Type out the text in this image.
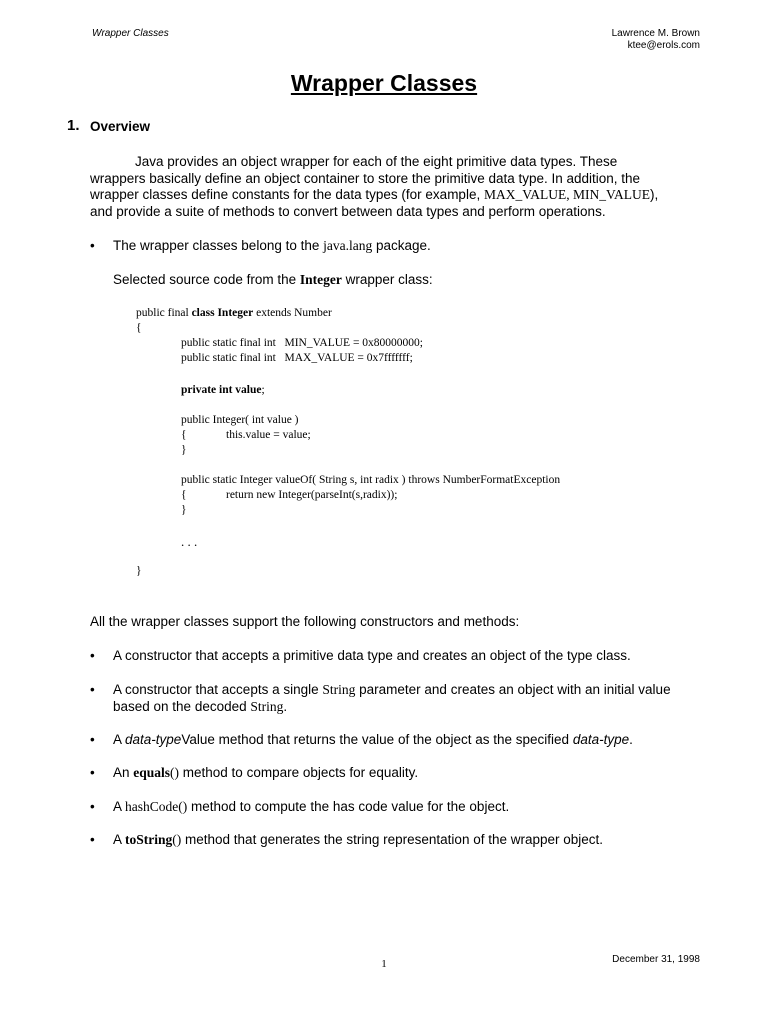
Wrapper Classes	Lawrence M. Brown
ktee@erols.com
Wrapper Classes
1. Overview
Java provides an object wrapper for each of the eight primitive data types. These
wrappers basically define an object container to store the primitive data type. In addition, the
wrapper classes define constants for the data types (for example, MAX_VALUE, MIN_VALUE),
and provide a suite of methods to convert between data types and perform operations.
• The wrapper classes belong to the java.lang package.
Selected source code from the Integer wrapper class:
public final class Integer extends Number
{
public static final int   MIN_VALUE = 0x80000000;
public static final int   MAX_VALUE = 0x7fffffff;
private int value;
public Integer( int value )
{	this.value = value;
}
public static Integer valueOf( String s, int radix ) throws NumberFormatException
{	return new Integer(parseInt(s,radix));
}
. . .
}
All the wrapper classes support the following constructors and methods:
• A constructor that accepts a primitive data type and creates an object of the type class.
• A constructor that accepts a single String parameter and creates an object with an initial value
based on the decoded String.
• A data-typeValue method that returns the value of the object as the specified data-type.
• An equals() method to compare objects for equality.
• A hashCode() method to compute the has code value for the object.
• A toString() method that generates the string representation of the wrapper object.
1	December 31, 1998
